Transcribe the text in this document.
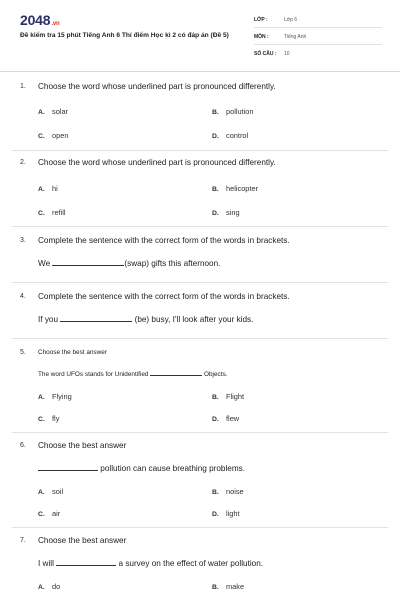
2048.vn
Đề kiểm tra 15 phút Tiếng Anh 6 Thí điểm Học kì 2 có đáp án (Đề 5)
LỚP :	Lớp 6
MÔN :	Tiếng Anh
SỐ CÂU : 10
1. Choose the word whose underlined part is pronounced differently.
A. solar	B. pollution
C. open	D. control
2. Choose the word whose underlined part is pronounced differently.
A. hi	B. helicopter
C. refill	D. sing
3. Complete the sentence with the correct form of the words in brackets.
We	(swap) gifts this afternoon.
4. Complete the sentence with the correct form of the words in brackets.
If you	(be) busy, I'll look after your kids.
5. Choose the best answer
The word UFOs stands for Unidentified	Objects.
A. Flying	B. Flight
C. fly	D. flew
6. Choose the best answer
pollution can cause breathing problems.
A. soil	B. noise
C. air	D. light
7. Choose the best answer
I will	a survey on the effect of water pollution.
A. do	B. make
